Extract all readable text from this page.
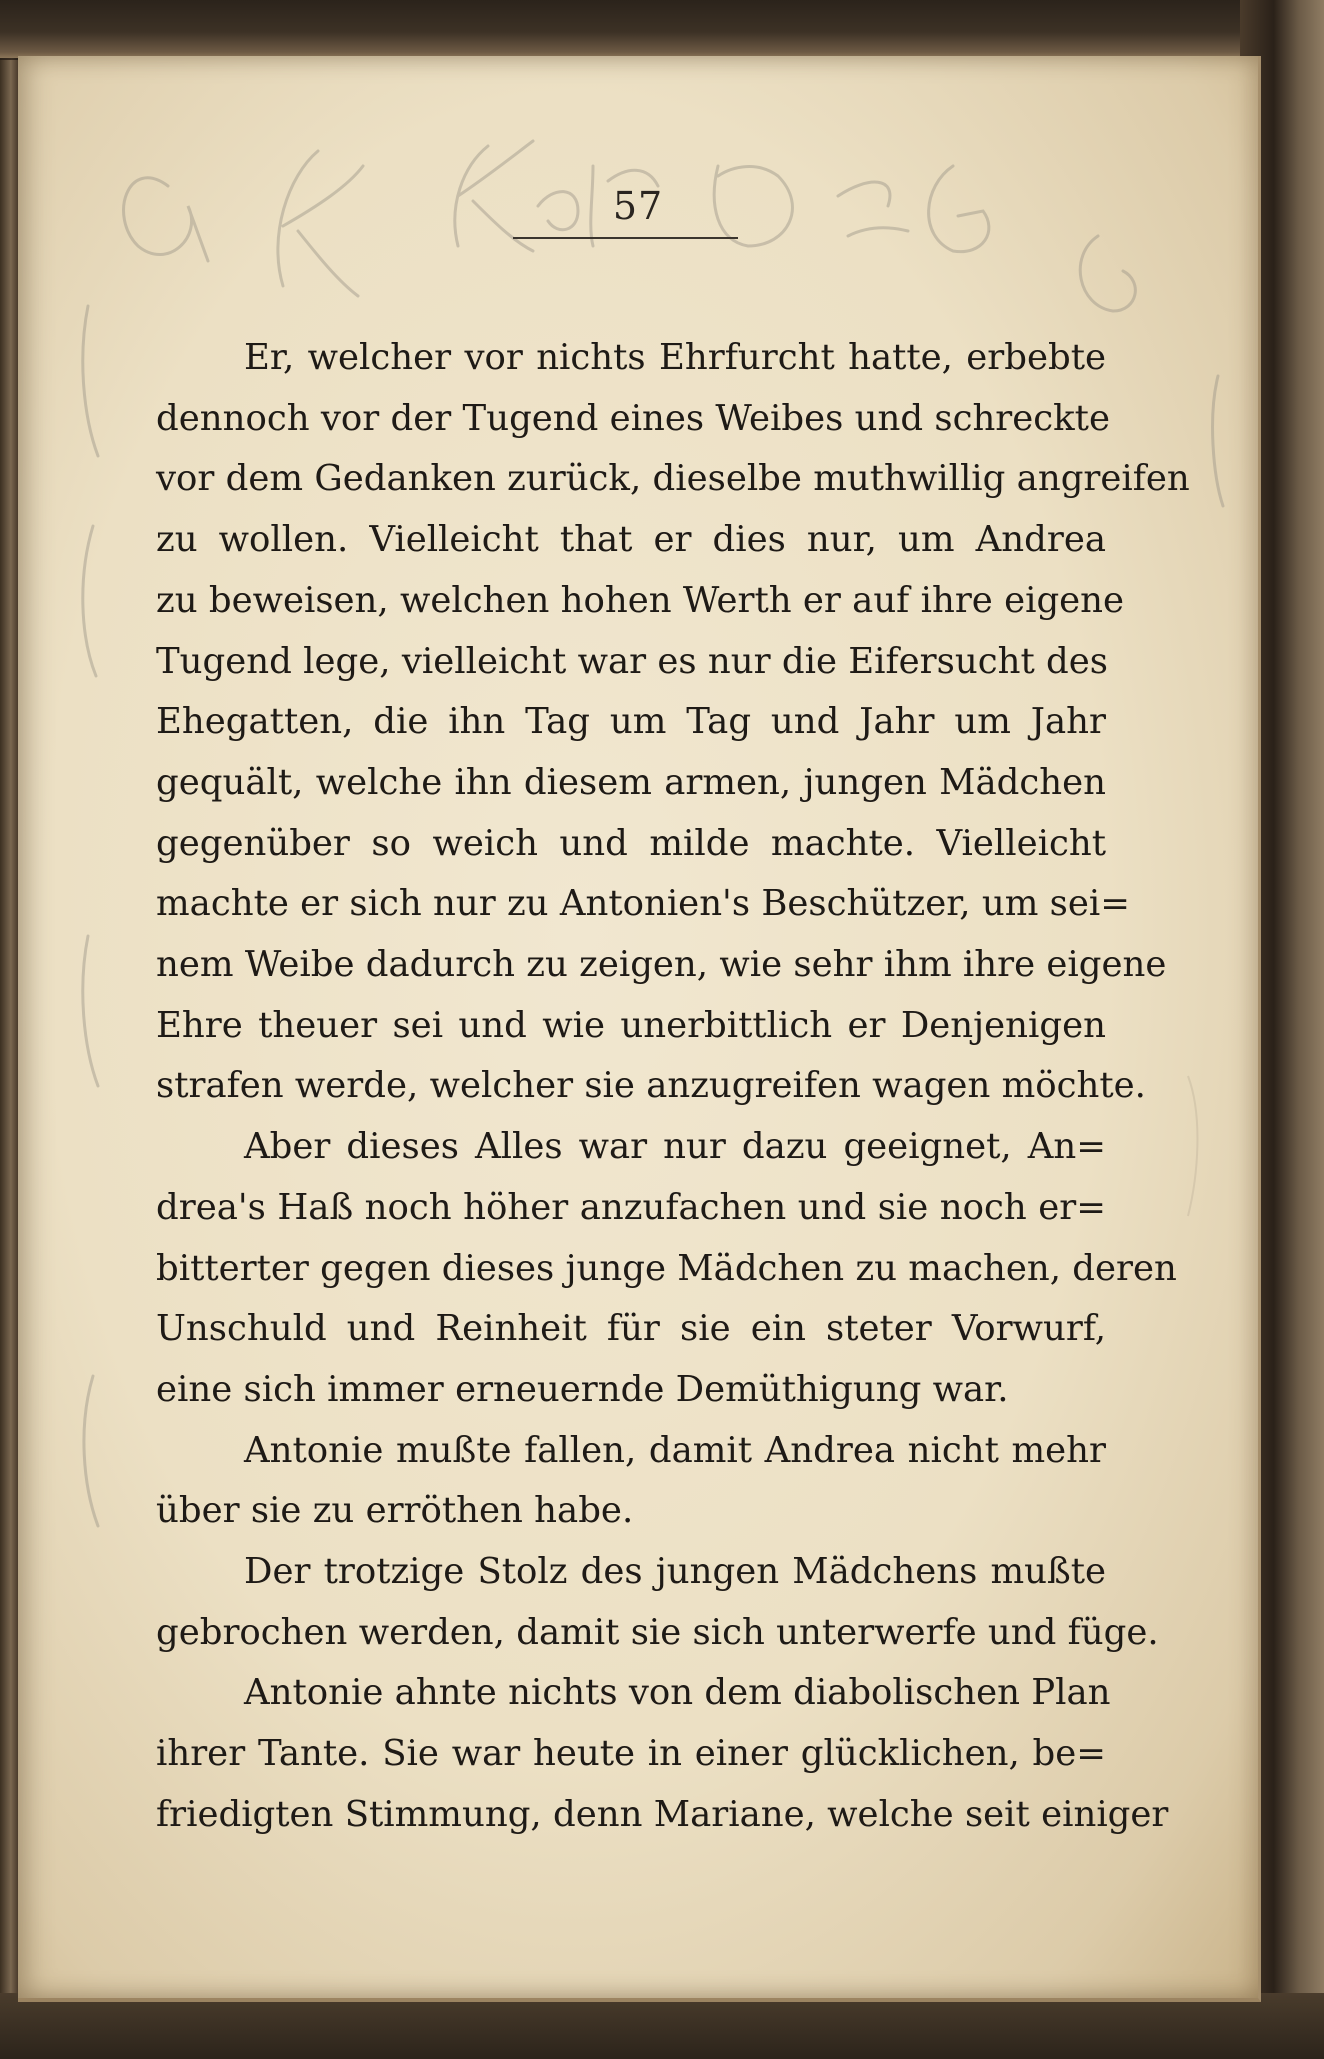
57
Er, welcher vor nichts Ehrfurcht hatte, erbebte
dennoch vor der Tugend eines Weibes und schreckte
vor dem Gedanken zurück, dieselbe muthwillig angreifen
zu wollen. Vielleicht that er dies nur, um Andrea
zu beweisen, welchen hohen Werth er auf ihre eigene
Tugend lege, vielleicht war es nur die Eifersucht des
Ehegatten, die ihn Tag um Tag und Jahr um Jahr
gequält, welche ihn diesem armen, jungen Mädchen
gegenüber so weich und milde machte. Vielleicht
machte er sich nur zu Antonien's Beschützer, um sei=
nem Weibe dadurch zu zeigen, wie sehr ihm ihre eigene
Ehre theuer sei und wie unerbittlich er Denjenigen
strafen werde, welcher sie anzugreifen wagen möchte.
Aber dieses Alles war nur dazu geeignet, An=
drea's Haß noch höher anzufachen und sie noch er=
bitterter gegen dieses junge Mädchen zu machen, deren
Unschuld und Reinheit für sie ein steter Vorwurf,
eine sich immer erneuernde Demüthigung war.
Antonie mußte fallen, damit Andrea nicht mehr
über sie zu erröthen habe.
Der trotzige Stolz des jungen Mädchens mußte
gebrochen werden, damit sie sich unterwerfe und füge.
Antonie ahnte nichts von dem diabolischen Plan
ihrer Tante. Sie war heute in einer glücklichen, be=
friedigten Stimmung, denn Mariane, welche seit einiger
